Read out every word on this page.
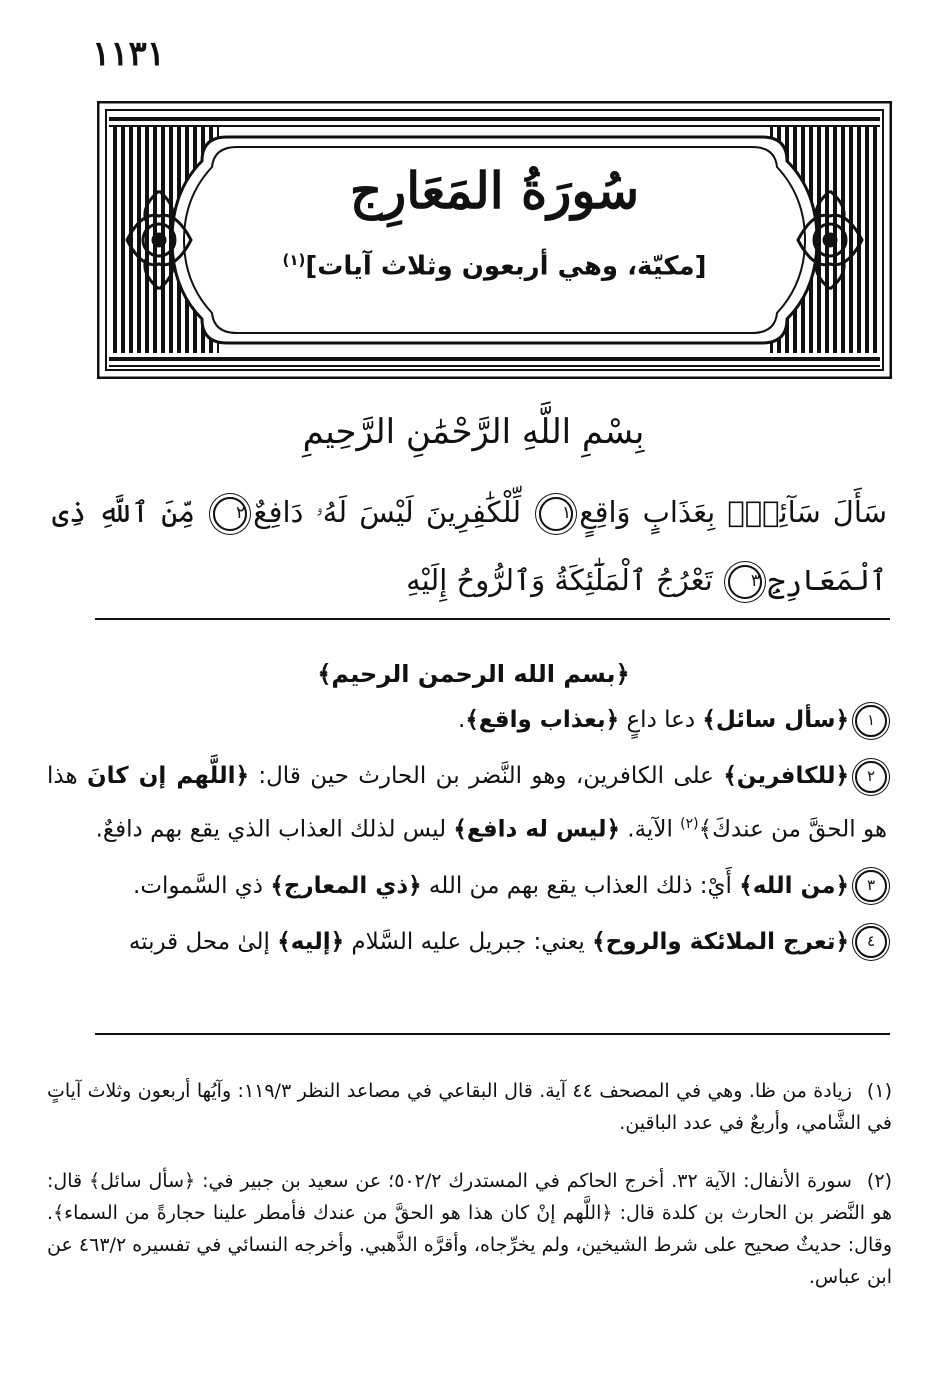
١١٣١
سُورَةُ المَعَارِج
[مكيّة، وهي أربعون وثلاث آيات]$^{(١)}$
بِسْمِ اللَّهِ الرَّحْمَٰنِ الرَّحِيمِ
سَأَلَ سَآئِلُۢ بِعَذَابٍ وَاقِعٍ١ لِّلْكَٰفِرِينَ لَيْسَ لَهُۥ دَافِعٌ٢ مِّنَ ٱللَّهِ ذِى ٱلْمَعَارِجِ٣ تَعْرُجُ ٱلْمَلَٰٓئِكَةُ وَٱلرُّوحُ إِلَيْهِ
﴿بسم الله الرحمن الرحيم﴾
١﴿سأل سائل﴾ دعا داعٍ ﴿بعذاب واقع﴾.
٢﴿للكافرين﴾ على الكافرين، وهو النَّضر بن الحارث حين قال: ﴿اللَّهم إن كانَ هذا هو الحقَّ من عندكَ﴾$^{(٢)}$ الآية. ﴿ليس له دافع﴾ ليس لذلك العذاب الذي يقع بهم دافعٌ.
٣﴿من الله﴾ أَيْ: ذلك العذاب يقع بهم من الله ﴿ذي المعارج﴾ ذي السَّموات.
٤﴿تعرج الملائكة والروح﴾ يعني: جبريل عليه السَّلام ﴿إليه﴾ إلىٰ محل قربته
(١)زيادة من ظا. وهي في المصحف ٤٤ آية. قال البقاعي في مصاعد النظر ١١٩/٣: وآيُها أربعون وثلاث آياتٍ في الشَّامي، وأربعٌ في عدد الباقين.
(٢)سورة الأنفال: الآية ٣٢. أخرج الحاكم في المستدرك ٥٠٢/٢؛ عن سعيد بن جبير في: ﴿سأل سائل﴾ قال: هو النَّضر بن الحارث بن كلدة قال: ﴿اللَّهم إنْ كان هذا هو الحقَّ من عندك فأمطر علينا حجارةً من السماء﴾. وقال: حديثٌ صحيح على شرط الشيخين، ولم يخرِّجاه، وأقرَّه الذَّهبي. وأخرجه النسائي في تفسيره ٤٦٣/٢ عن ابن عباس.
